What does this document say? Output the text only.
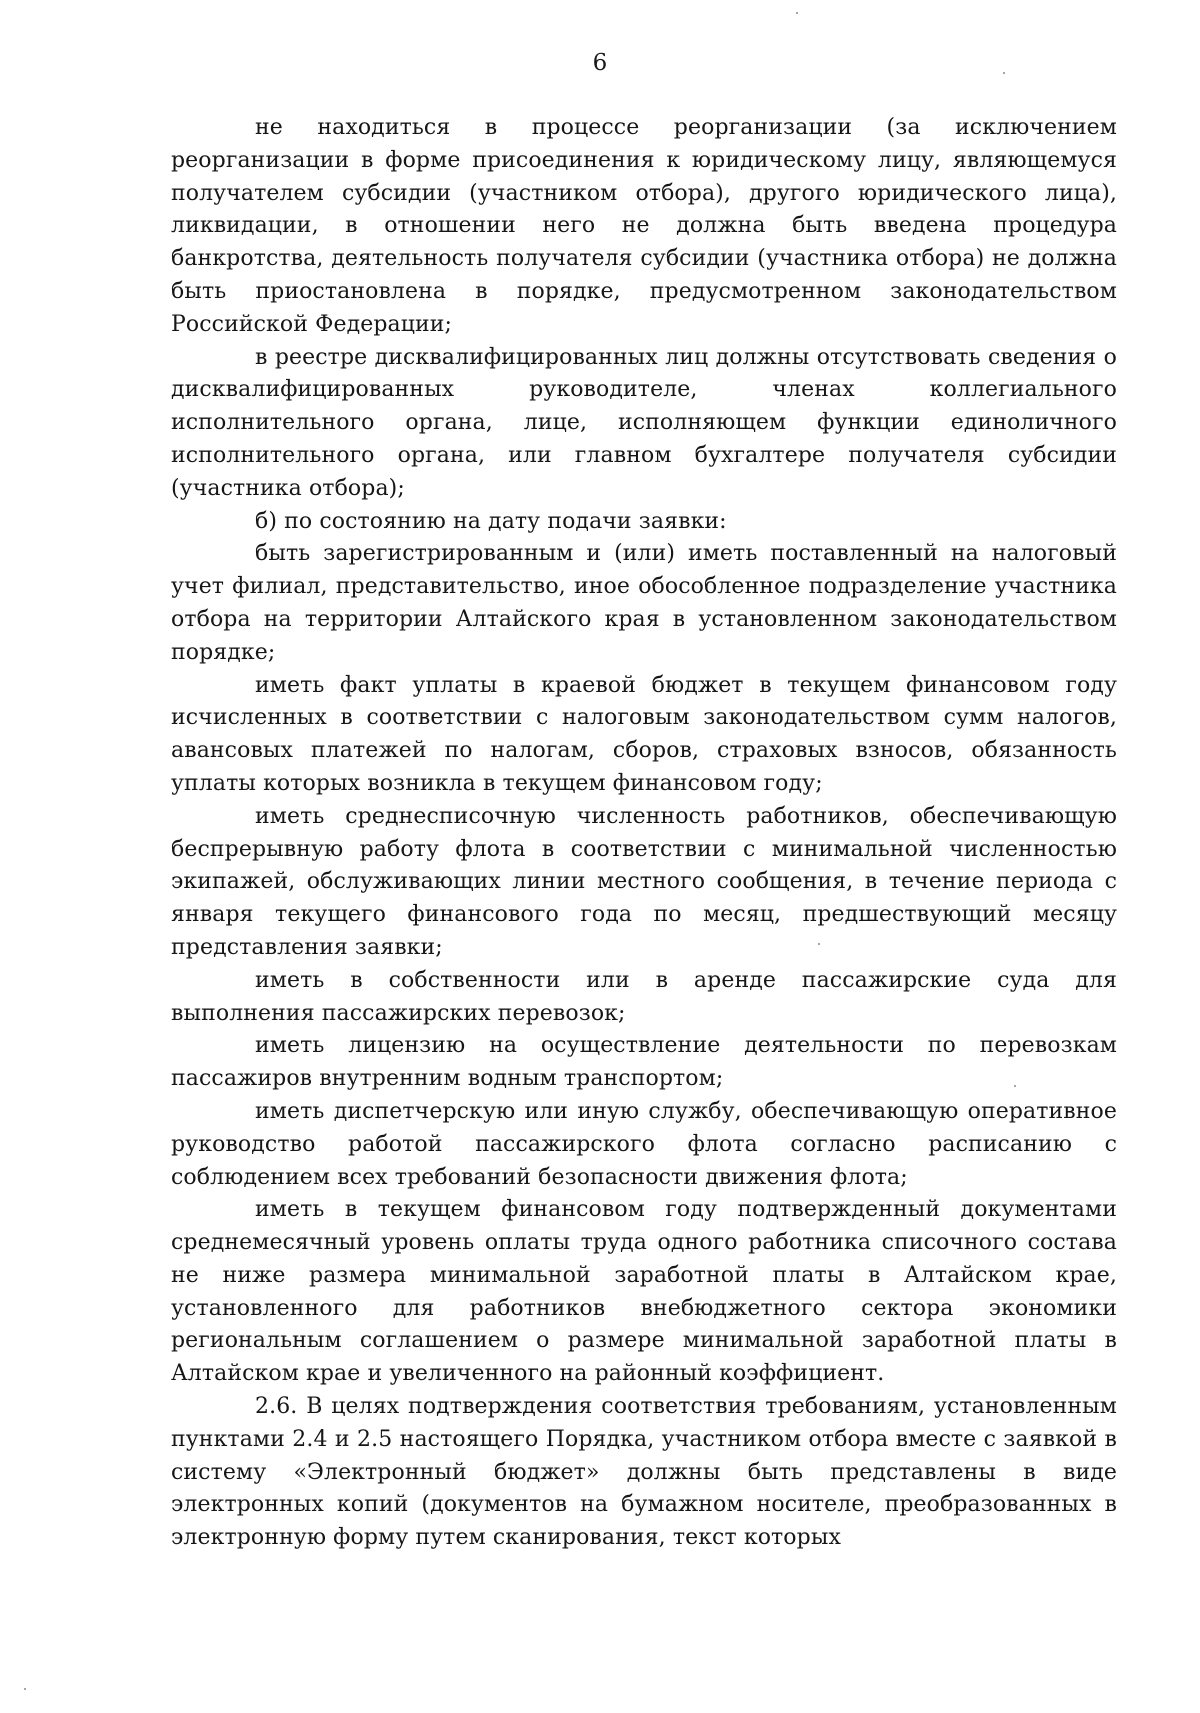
6

не находиться в процессе реорганизации (за исключением реорганизации в форме присоединения к юридическому лицу, являющемуся получателем субсидии (участником отбора), другого юридического лица), ликвидации, в отношении него не должна быть введена процедура банкротства, деятельность получателя субсидии (участника отбора) не должна быть приостановлена в порядке, предусмотренном законодательством Российской Федерации;

в реестре дисквалифицированных лиц должны отсутствовать сведения о дисквалифицированных руководителе, членах коллегиального исполнительного органа, лице, исполняющем функции единоличного исполнительного органа, или главном бухгалтере получателя субсидии (участника отбора);

б) по состоянию на дату подачи заявки:

быть зарегистрированным и (или) иметь поставленный на налоговый учет филиал, представительство, иное обособленное подразделение участника отбора на территории Алтайского края в установленном законодательством порядке;

иметь факт уплаты в краевой бюджет в текущем финансовом году исчисленных в соответствии с налоговым законодательством сумм налогов, авансовых платежей по налогам, сборов, страховых взносов, обязанность уплаты которых возникла в текущем финансовом году;

иметь среднесписочную численность работников, обеспечивающую беспрерывную работу флота в соответствии с минимальной численностью экипажей, обслуживающих линии местного сообщения, в течение периода с января текущего финансового года по месяц, предшествующий месяцу представления заявки;

иметь в собственности или в аренде пассажирские суда для выполнения пассажирских перевозок;

иметь лицензию на осуществление деятельности по перевозкам пассажиров внутренним водным транспортом;

иметь диспетчерскую или иную службу, обеспечивающую оперативное руководство работой пассажирского флота согласно расписанию с соблюдением всех требований безопасности движения флота;

иметь в текущем финансовом году подтвержденный документами среднемесячный уровень оплаты труда одного работника списочного состава не ниже размера минимальной заработной платы в Алтайском крае, установленного для работников внебюджетного сектора экономики региональным соглашением о размере минимальной заработной платы в Алтайском крае и увеличенного на районный коэффициент.

2.6. В целях подтверждения соответствия требованиям, установленным пунктами 2.4 и 2.5 настоящего Порядка, участником отбора вместе с заявкой в систему «Электронный бюджет» должны быть представлены в виде электронных копий (документов на бумажном носителе, преобразованных в электронную форму путем сканирования, текст которых
